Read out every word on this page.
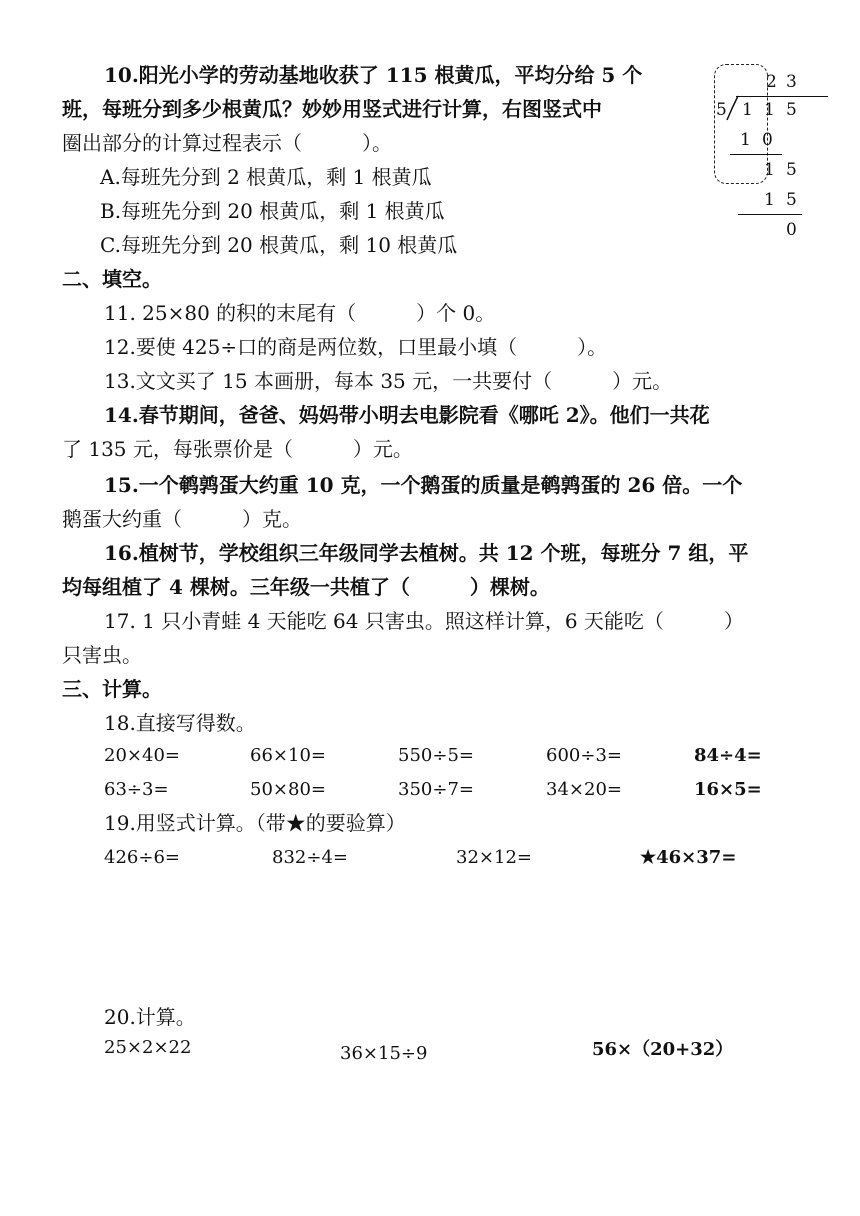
10.阳光小学的劳动基地收获了 115 根黄瓜，平均分给 5 个
班，每班分到多少根黄瓜？妙妙用竖式进行计算，右图竖式中
圈出部分的计算过程表示（　　　）。
A.每班先分到 2 根黄瓜，剩 1 根黄瓜
B.每班先分到 20 根黄瓜，剩 1 根黄瓜
C.每班先分到 20 根黄瓜，剩 10 根黄瓜
2 3
5 1 1 5
1 0
1 5
1 5
0
二、填空。
11. 25×80 的积的末尾有（　　　）个 0。
12.要使 425÷口的商是两位数，口里最小填（　　　）。
13.文文买了 15 本画册，每本 35 元，一共要付（　　　）元。
14.春节期间，爸爸、妈妈带小明去电影院看《哪吒 2》。他们一共花
了 135 元，每张票价是（　　　）元。
15.一个鹌鹑蛋大约重 10 克，一个鹅蛋的质量是鹌鹑蛋的 26 倍。一个
鹅蛋大约重（　　　）克。
16.植树节，学校组织三年级同学去植树。共 12 个班，每班分 7 组，平
均每组植了 4 棵树。三年级一共植了（　　　）棵树。
17. 1 只小青蛙 4 天能吃 64 只害虫。照这样计算，6 天能吃（　　　）
只害虫。
三、计算。
18.直接写得数。
20×40=	66×10=	550÷5=	600÷3=	84÷4=
63÷3=	50×80=	350÷7=	34×20=	16×5=
19.用竖式计算。（带★的要验算）
426÷6=	832÷4=	32×12=	★46×37=
20.计算。
25×2×22	36×15÷9	56×（20+32）
